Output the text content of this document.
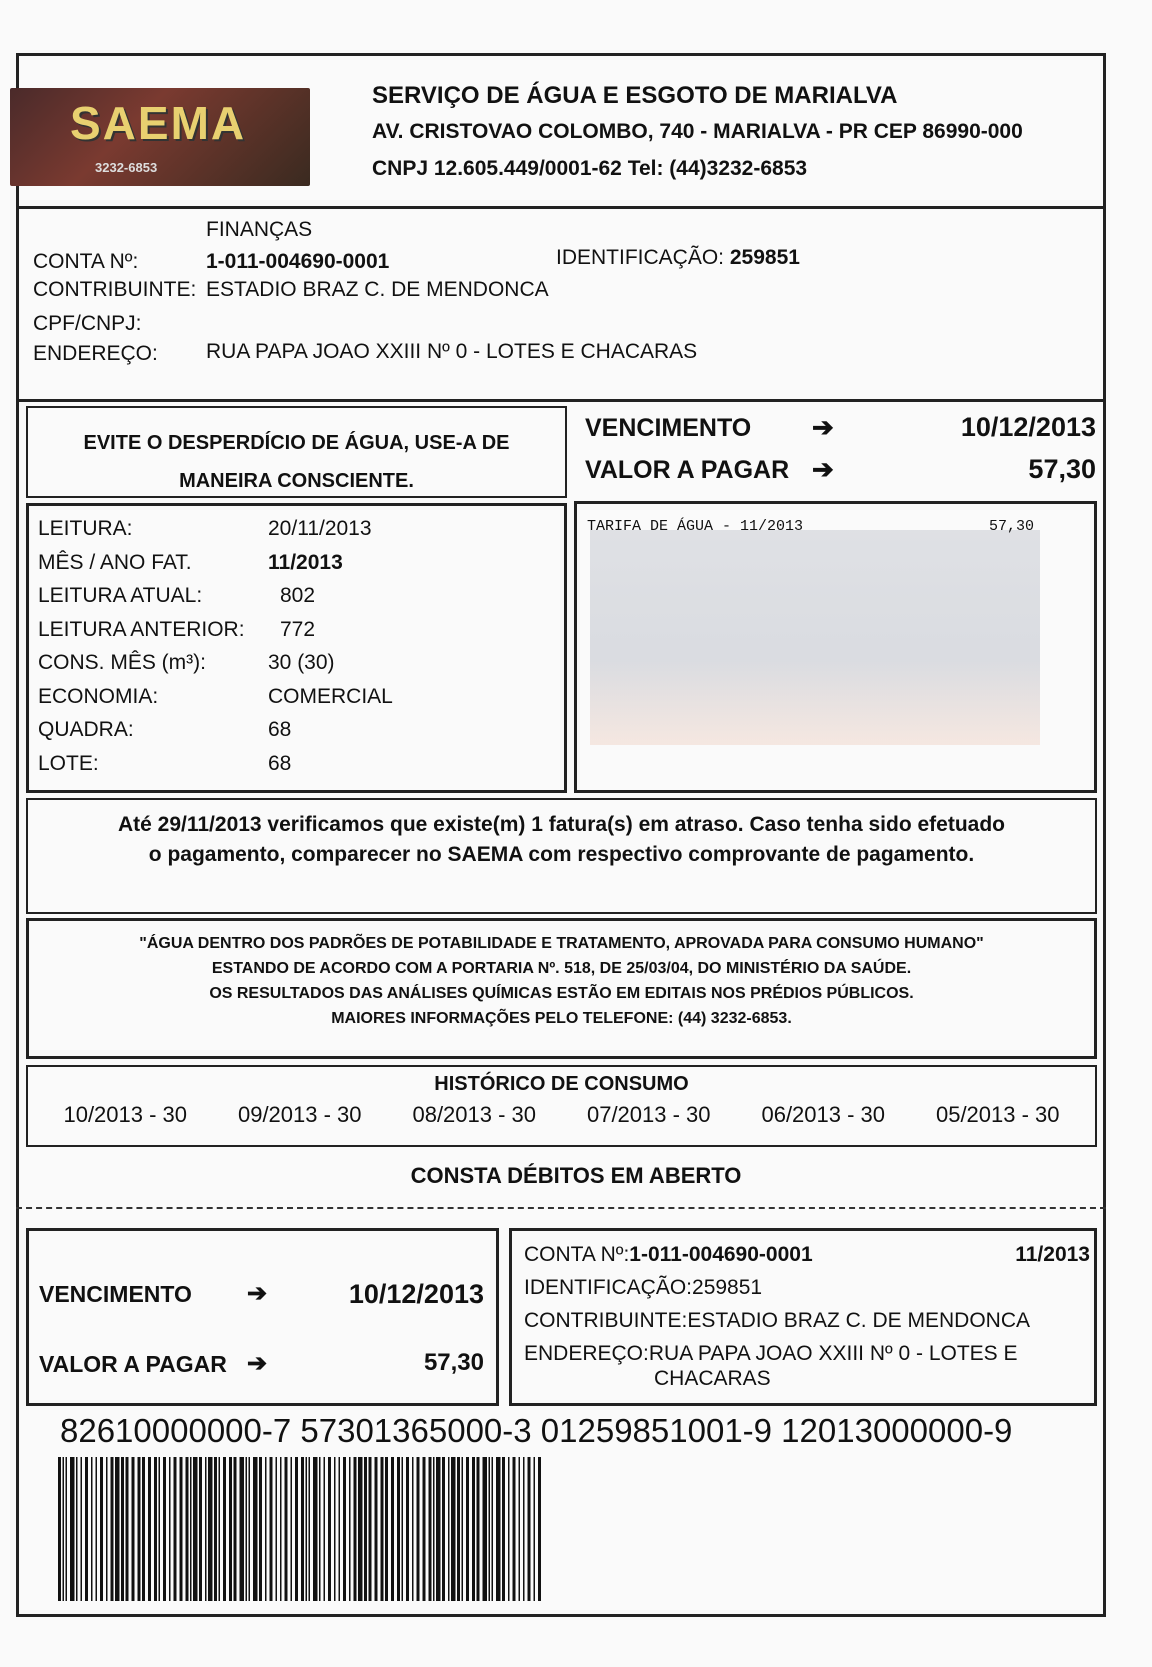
SAEMA
3232-6853
SERVIÇO DE ÁGUA E ESGOTO DE MARIALVA
AV. CRISTOVAO COLOMBO, 740 - MARIALVA - PR CEP 86990-000
CNPJ 12.605.449/0001-62 Tel: (44)3232-6853
FINANÇAS
CONTA Nº:	1-011-004690-0001	IDENTIFICAÇÃO: 259851
CONTRIBUINTE: ESTADIO BRAZ C. DE MENDONCA
CPF/CNPJ:
ENDEREÇO: RUA PAPA JOAO XXIII Nº 0 - LOTES E CHACARAS
EVITE O DESPERDÍCIO DE ÁGUA, USE-A DE
MANEIRA CONSCIENTE.
VENCIMENTO ➔	10/12/2013
VALOR A PAGAR ➔	57,30
LEITURA:	20/11/2013
MÊS / ANO FAT.	11/2013
LEITURA ATUAL:	802
LEITURA ANTERIOR: 772
CONS. MÊS (m³):	30 (30)
ECONOMIA:	COMERCIAL
QUADRA:	68
LOTE:	68
TARIFA DE ÁGUA - 11/2013	57,30
Até 29/11/2013 verificamos que existe(m) 1 fatura(s) em atraso. Caso tenha sido efetuado
o pagamento, comparecer no SAEMA com respectivo comprovante de pagamento.
"ÁGUA DENTRO DOS PADRÕES DE POTABILIDADE E TRATAMENTO, APROVADA PARA CONSUMO HUMANO"
ESTANDO DE ACORDO COM A PORTARIA Nº. 518, DE 25/03/04, DO MINISTÉRIO DA SAÚDE.
OS RESULTADOS DAS ANÁLISES QUÍMICAS ESTÃO EM EDITAIS NOS PRÉDIOS PÚBLICOS.
MAIORES INFORMAÇÕES PELO TELEFONE: (44) 3232-6853.
HISTÓRICO DE CONSUMO
10/2013 - 30 09/2013 - 30 08/2013 - 30 07/2013 - 30 06/2013 - 30 05/2013 - 30
CONSTA DÉBITOS EM ABERTO
VENCIMENTO ➔	10/12/2013
VALOR A PAGAR ➔	57,30
CONTA Nº:1-011-004690-0001	11/2013
IDENTIFICAÇÃO:259851
CONTRIBUINTE:ESTADIO BRAZ C. DE MENDONCA
ENDEREÇO:RUA PAPA JOAO XXIII Nº 0 - LOTES E
CHACARAS
82610000000-7 57301365000-3 01259851001-9 12013000000-9
